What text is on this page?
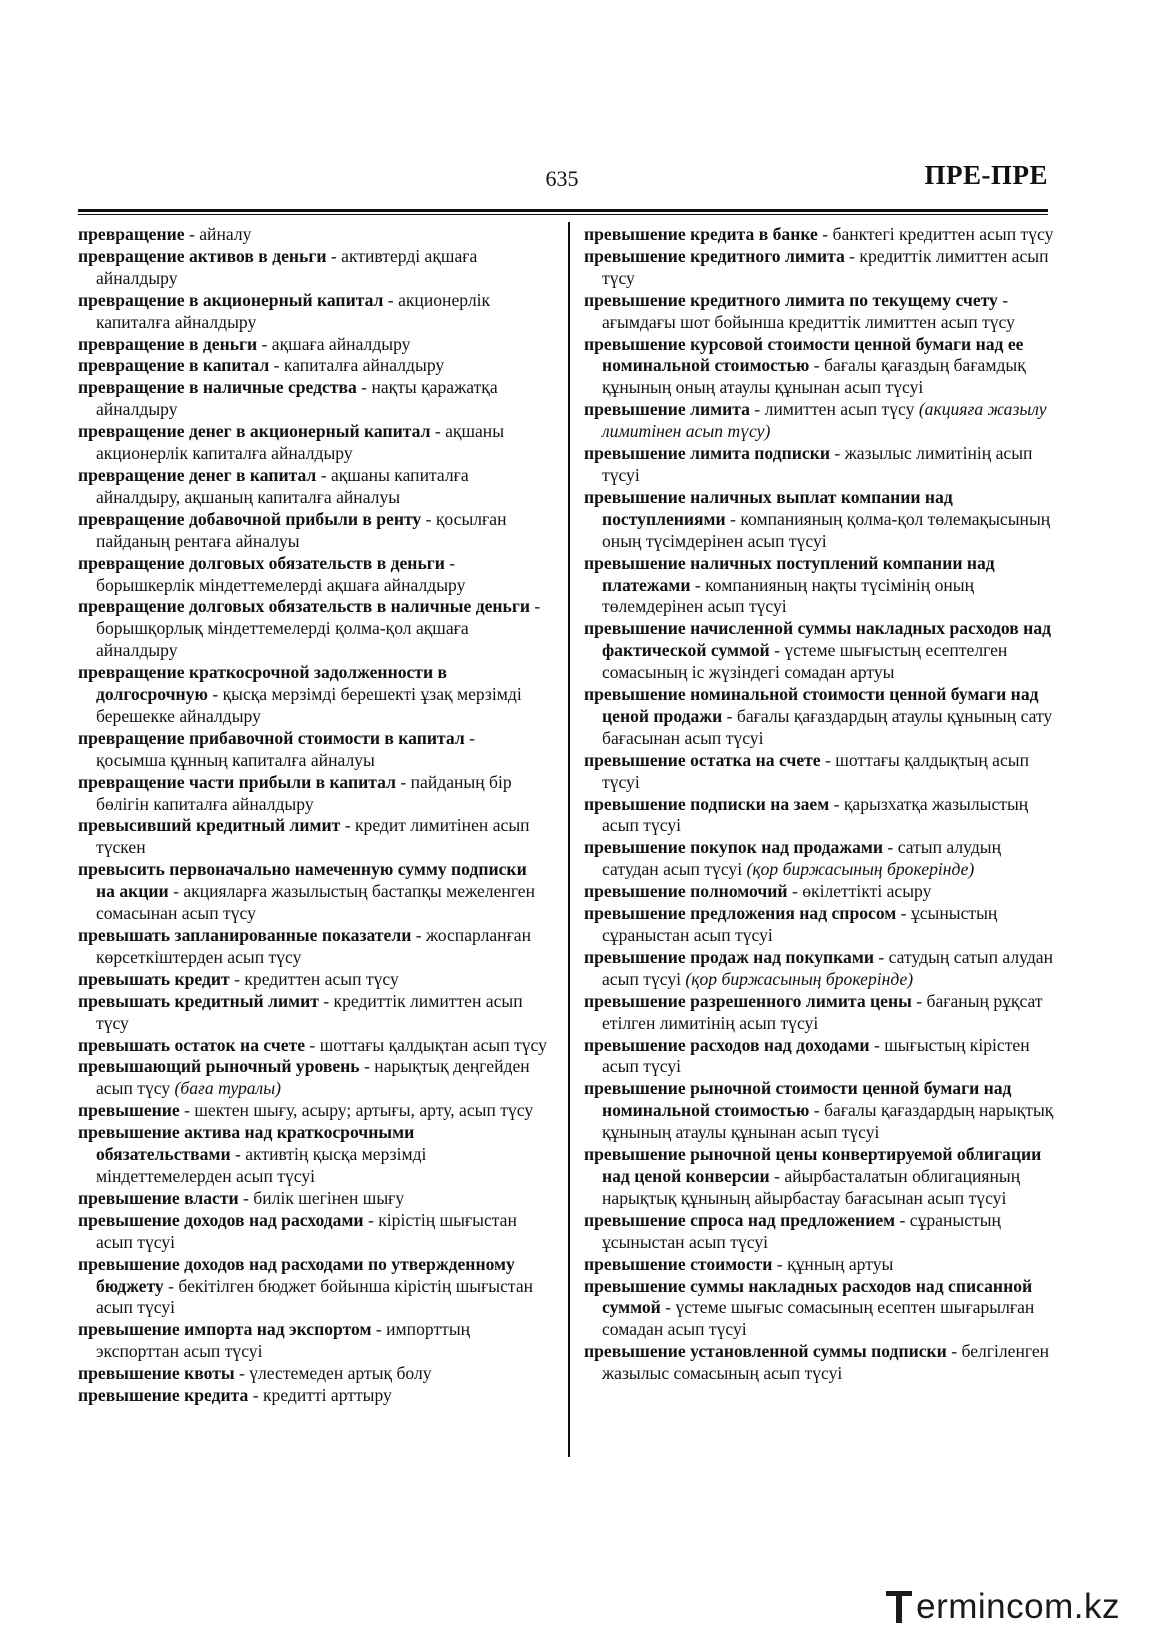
635	ПРЕ-ПРЕ

превращение - айналу

превращение активов в деньги - активтерді ақшаға айналдыру

превращение в акционерный капитал - акционерлік капиталға айналдыру

превращение в деньги - ақшаға айналдыру

превращение в капитал - капиталға айналдыру

превращение в наличные средства - нақты қаражатқа айналдыру

превращение денег в акционерный капитал - ақшаны акционерлік капиталға айналдыру

превращение денег в капитал - ақшаны капиталға айналдыру, ақшаның капиталға айналуы

превращение добавочной прибыли в ренту - қосылған пайданың рентаға айналуы

превращение долговых обязательств в деньги - борышкерлік міндеттемелерді ақшаға айналдыру

превращение долговых обязательств в наличные деньги - борышқорлық міндеттемелерді қолма-қол ақшаға айналдыру

превращение краткосрочной задолженности в долгосрочную - қысқа мерзімді берешекті ұзақ мерзімді берешекке айналдыру

превращение прибавочной стоимости в капитал - қосымша құнның капиталға айналуы

превращение части прибыли в капитал - пайданың бір бөлігін капиталға айналдыру

превысивший кредитный лимит - кредит лимитінен асып түскен

превысить первоначально намеченную сумму подписки на акции - акцияларға жазылыстың бастапқы межеленген сомасынан асып түсу

превышать запланированные показатели - жоспарланған көрсеткіштерден асып түсу

превышать кредит - кредиттен асып түсу

превышать кредитный лимит - кредиттік лимиттен асып түсу

превышать остаток на счете - шоттағы қалдықтан асып түсу

превышающий рыночный уровень - нарықтық деңгейден асып түсу (баға туралы)

превышение - шектен шығу, асыру; артығы, арту, асып түсу

превышение актива над краткосрочными обязательствами - активтің қысқа мерзімді міндеттемелерден асып түсуі

превышение власти - билік шегінен шығу

превышение доходов над расходами - кірістің шығыстан асып түсуі

превышение доходов над расходами по утвержденному бюджету - бекітілген бюджет бойынша кірістің шығыстан асып түсуі

превышение импорта над экспортом - импорттың экспорттан асып түсуі

превышение квоты - үлестемеден артық болу

превышение кредита - кредитті арттыру

превышение кредита в банке - банктегі кредиттен асып түсу

превышение кредитного лимита - кредиттік лимиттен асып түсу

превышение кредитного лимита по текущему счету - ағымдағы шот бойынша кредиттік лимиттен асып түсу

превышение курсовой стоимости ценной бумаги над ее номинальной стоимостью - бағалы қағаздың бағамдық құнының оның атаулы құнынан асып түсуі

превышение лимита - лимиттен асып түсу (акцияға жазылу лимитінен асып түсу)

превышение лимита подписки - жазылыс лимитінің асып түсуі

превышение наличных выплат компании над поступлениями - компанияның қолма-қол төлемақысының оның түсімдерінен асып түсуі

превышение наличных поступлений компании над платежами - компанияның нақты түсімінің оның төлемдерінен асып түсуі

превышение начисленной суммы накладных расходов над фактической суммой - үстеме шығыстың есептелген сомасының іс жүзіндегі сомадан артуы

превышение номинальной стоимости ценной бумаги над ценой продажи - бағалы қағаздардың атаулы құнының сату бағасынан асып түсуі

превышение остатка на счете - шоттағы қалдықтың асып түсуі

превышение подписки на заем - қарызхатқа жазылыстың асып түсуі

превышение покупок над продажами - сатып алудың сатудан асып түсуі (қор биржасының брокерінде)

превышение полномочий - өкілеттікті асыру

превышение предложения над спросом - ұсыныстың сұраныстан асып түсуі

превышение продаж над покупками - сатудың сатып алудан асып түсуі (қор биржасының брокерінде)

превышение разрешенного лимита цены - бағаның рұқсат етілген лимитінің асып түсуі

превышение расходов над доходами - шығыстың кірістен асып түсуі

превышение рыночной стоимости ценной бумаги над номинальной стоимостью - бағалы қағаздардың нарықтық құнының атаулы құнынан асып түсуі

превышение рыночной цены конвертируемой облигации над ценой конверсии - айырбасталатын облигацияның нарықтық құнының айырбастау бағасынан асып түсуі

превышение спроса над предложением - сұраныстың ұсыныстан асып түсуі

превышение стоимости - құнның артуы

превышение суммы накладных расходов над списанной суммой - үстеме шығыс сомасының есептен шығарылған сомадан асып түсуі

превышение установленной суммы подписки - белгіленген жазылыс сомасының асып түсуі

ermincom.kz
